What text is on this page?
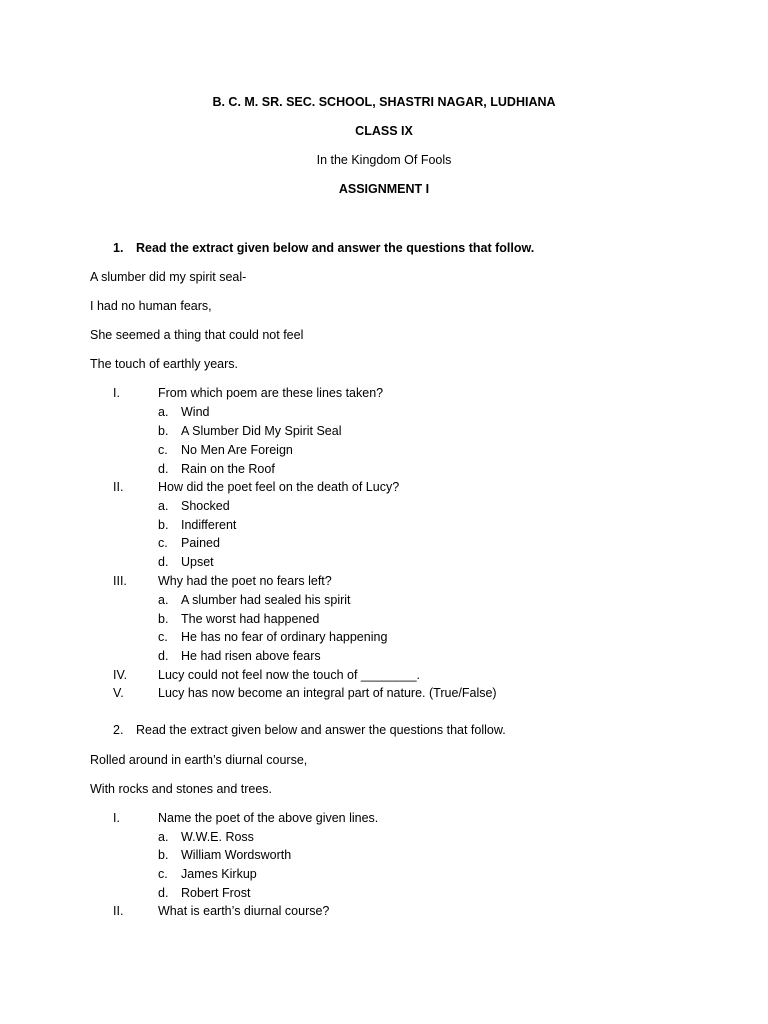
B. C. M. SR. SEC. SCHOOL, SHASTRI NAGAR, LUDHIANA
CLASS IX
In the Kingdom Of Fools
ASSIGNMENT I
1. Read the extract given below and answer the questions that follow.
A slumber did my spirit seal-
I had no human fears,
She seemed a thing that could not feel
The touch of earthly years.
I.	From which poem are these lines taken?
a. Wind
b. A Slumber Did My Spirit Seal
c. No Men Are Foreign
d. Rain on the Roof
II.	How did the poet feel on the death of Lucy?
a. Shocked
b. Indifferent
c. Pained
d. Upset
III. Why had the poet no fears left?
a. A slumber had sealed his spirit
b. The worst had happened
c. He has no fear of ordinary happening
d. He had risen above fears
IV. Lucy could not feel now the touch of ________.
V.	Lucy has now become an integral part of nature. (True/False)
2. Read the extract given below and answer the questions that follow.
Rolled around in earth’s diurnal course,
With rocks and stones and trees.
I.	Name the poet of the above given lines.
a. W.W.E. Ross
b. William Wordsworth
c. James Kirkup
d. Robert Frost
II.	What is earth’s diurnal course?
